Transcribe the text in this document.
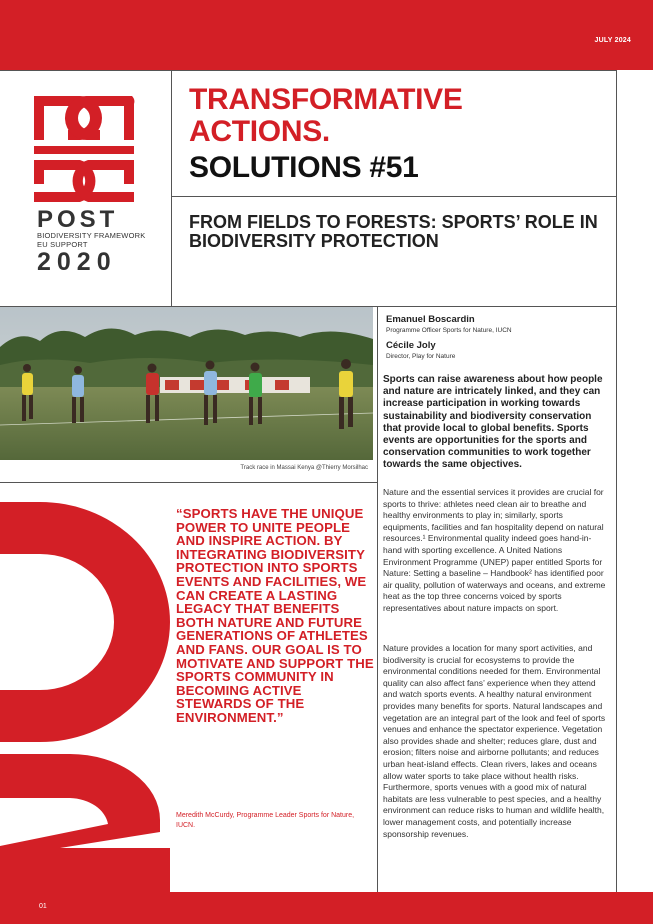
JULY 2024
POST
BIODIVERSITY FRAMEWORK
EU SUPPORT
2020
TRANSFORMATIVE
ACTIONS.
SOLUTIONS #51
FROM FIELDS TO FORESTS: SPORTS’ ROLE IN BIODIVERSITY PROTECTION
Track race in Massai Kenya @Thierry Morsilhac
Emanuel Boscardin
Programme Officer Sports for Nature, IUCN
Cécile Joly
Director, Play for Nature
Sports can raise awareness about how people and nature are intricately linked, and they can increase participation in working towards sustainability and biodiversity conservation that provide local to global benefits. Sports events are opportunities for the sports and conservation communities to work together towards the same objectives.
Nature and the essential services it provides are crucial for sports to thrive: athletes need clean air to breathe and healthy environments to play in; similarly, sports equipments, facilities and fan hospitality depend on natural resources.¹ Environmental quality indeed goes hand-in-hand with sporting excellence. A United Nations Environment Programme (UNEP) paper entitled Sports for Nature: Setting a baseline – Handbook² has identified poor air quality, pollution of waterways and oceans, and extreme heat as the top three concerns voiced by sports representatives about nature impacts on sport.
Nature provides a location for many sport activities, and biodiversity is crucial for ecosystems to provide the environmental conditions needed for them. Environmental quality can also affect fans’ experience when they attend and watch sports events. A healthy natural environment provides many benefits for sports. Natural landscapes and vegetation are an integral part of the look and feel of sports venues and enhance the spectator experience. Vegetation also provides shade and shelter; reduces glare, dust and erosion; filters noise and airborne pollutants; and reduces urban heat-island effects. Clean rivers, lakes and oceans allow water sports to take place without health risks. Furthermore, sports venues with a good mix of natural habitats are less vulnerable to pest species, and a healthy environment can reduce risks to human and wildlife health, lower management costs, and potentially increase sponsorship revenues.
“SPORTS HAVE THE UNIQUE POWER TO UNITE PEOPLE AND INSPIRE ACTION. BY INTEGRATING BIODIVERSITY PROTECTION INTO SPORTS EVENTS AND FACILITIES, WE CAN CREATE A LASTING LEGACY THAT BENEFITS BOTH NATURE AND FUTURE GENERATIONS OF ATHLETES AND FANS. OUR GOAL IS TO MOTIVATE AND SUPPORT THE SPORTS COMMUNITY IN BECOMING ACTIVE STEWARDS OF THE ENVIRONMENT.”
Meredith McCurdy, Programme Leader Sports for Nature, IUCN.
01
